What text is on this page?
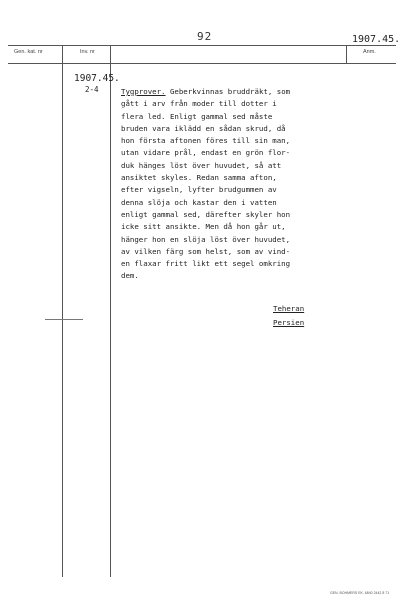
92	1907.45.
Gen. kat. nr	Inv. nr	Anm.
1907.45.
2-4	Tygprover. Geberkvinnas bruddräkt, som
gått i arv från moder till dotter i
flera led. Enligt gammal sed måste
bruden vara iklädd en sådan skrud, då
hon första aftonen föres till sin man,
utan vidare prål, endast en grön flor-
duk hänges löst över huvudet, så att
ansiktet skyles. Redan samma afton,
efter vigseln, lyfter brudgummen av
denna slöja och kastar den i vatten
enligt gammal sed, därefter skyler hon
icke sitt ansikte. Men då hon går ut,
hänger hon en slöja löst över huvudet,
av vilken färg som helst, som av vind-
en flaxar fritt likt ett segel omkring
dem.
Teheran
Persien
GEN. BOHMERS EK. 6840 2442 8 71
